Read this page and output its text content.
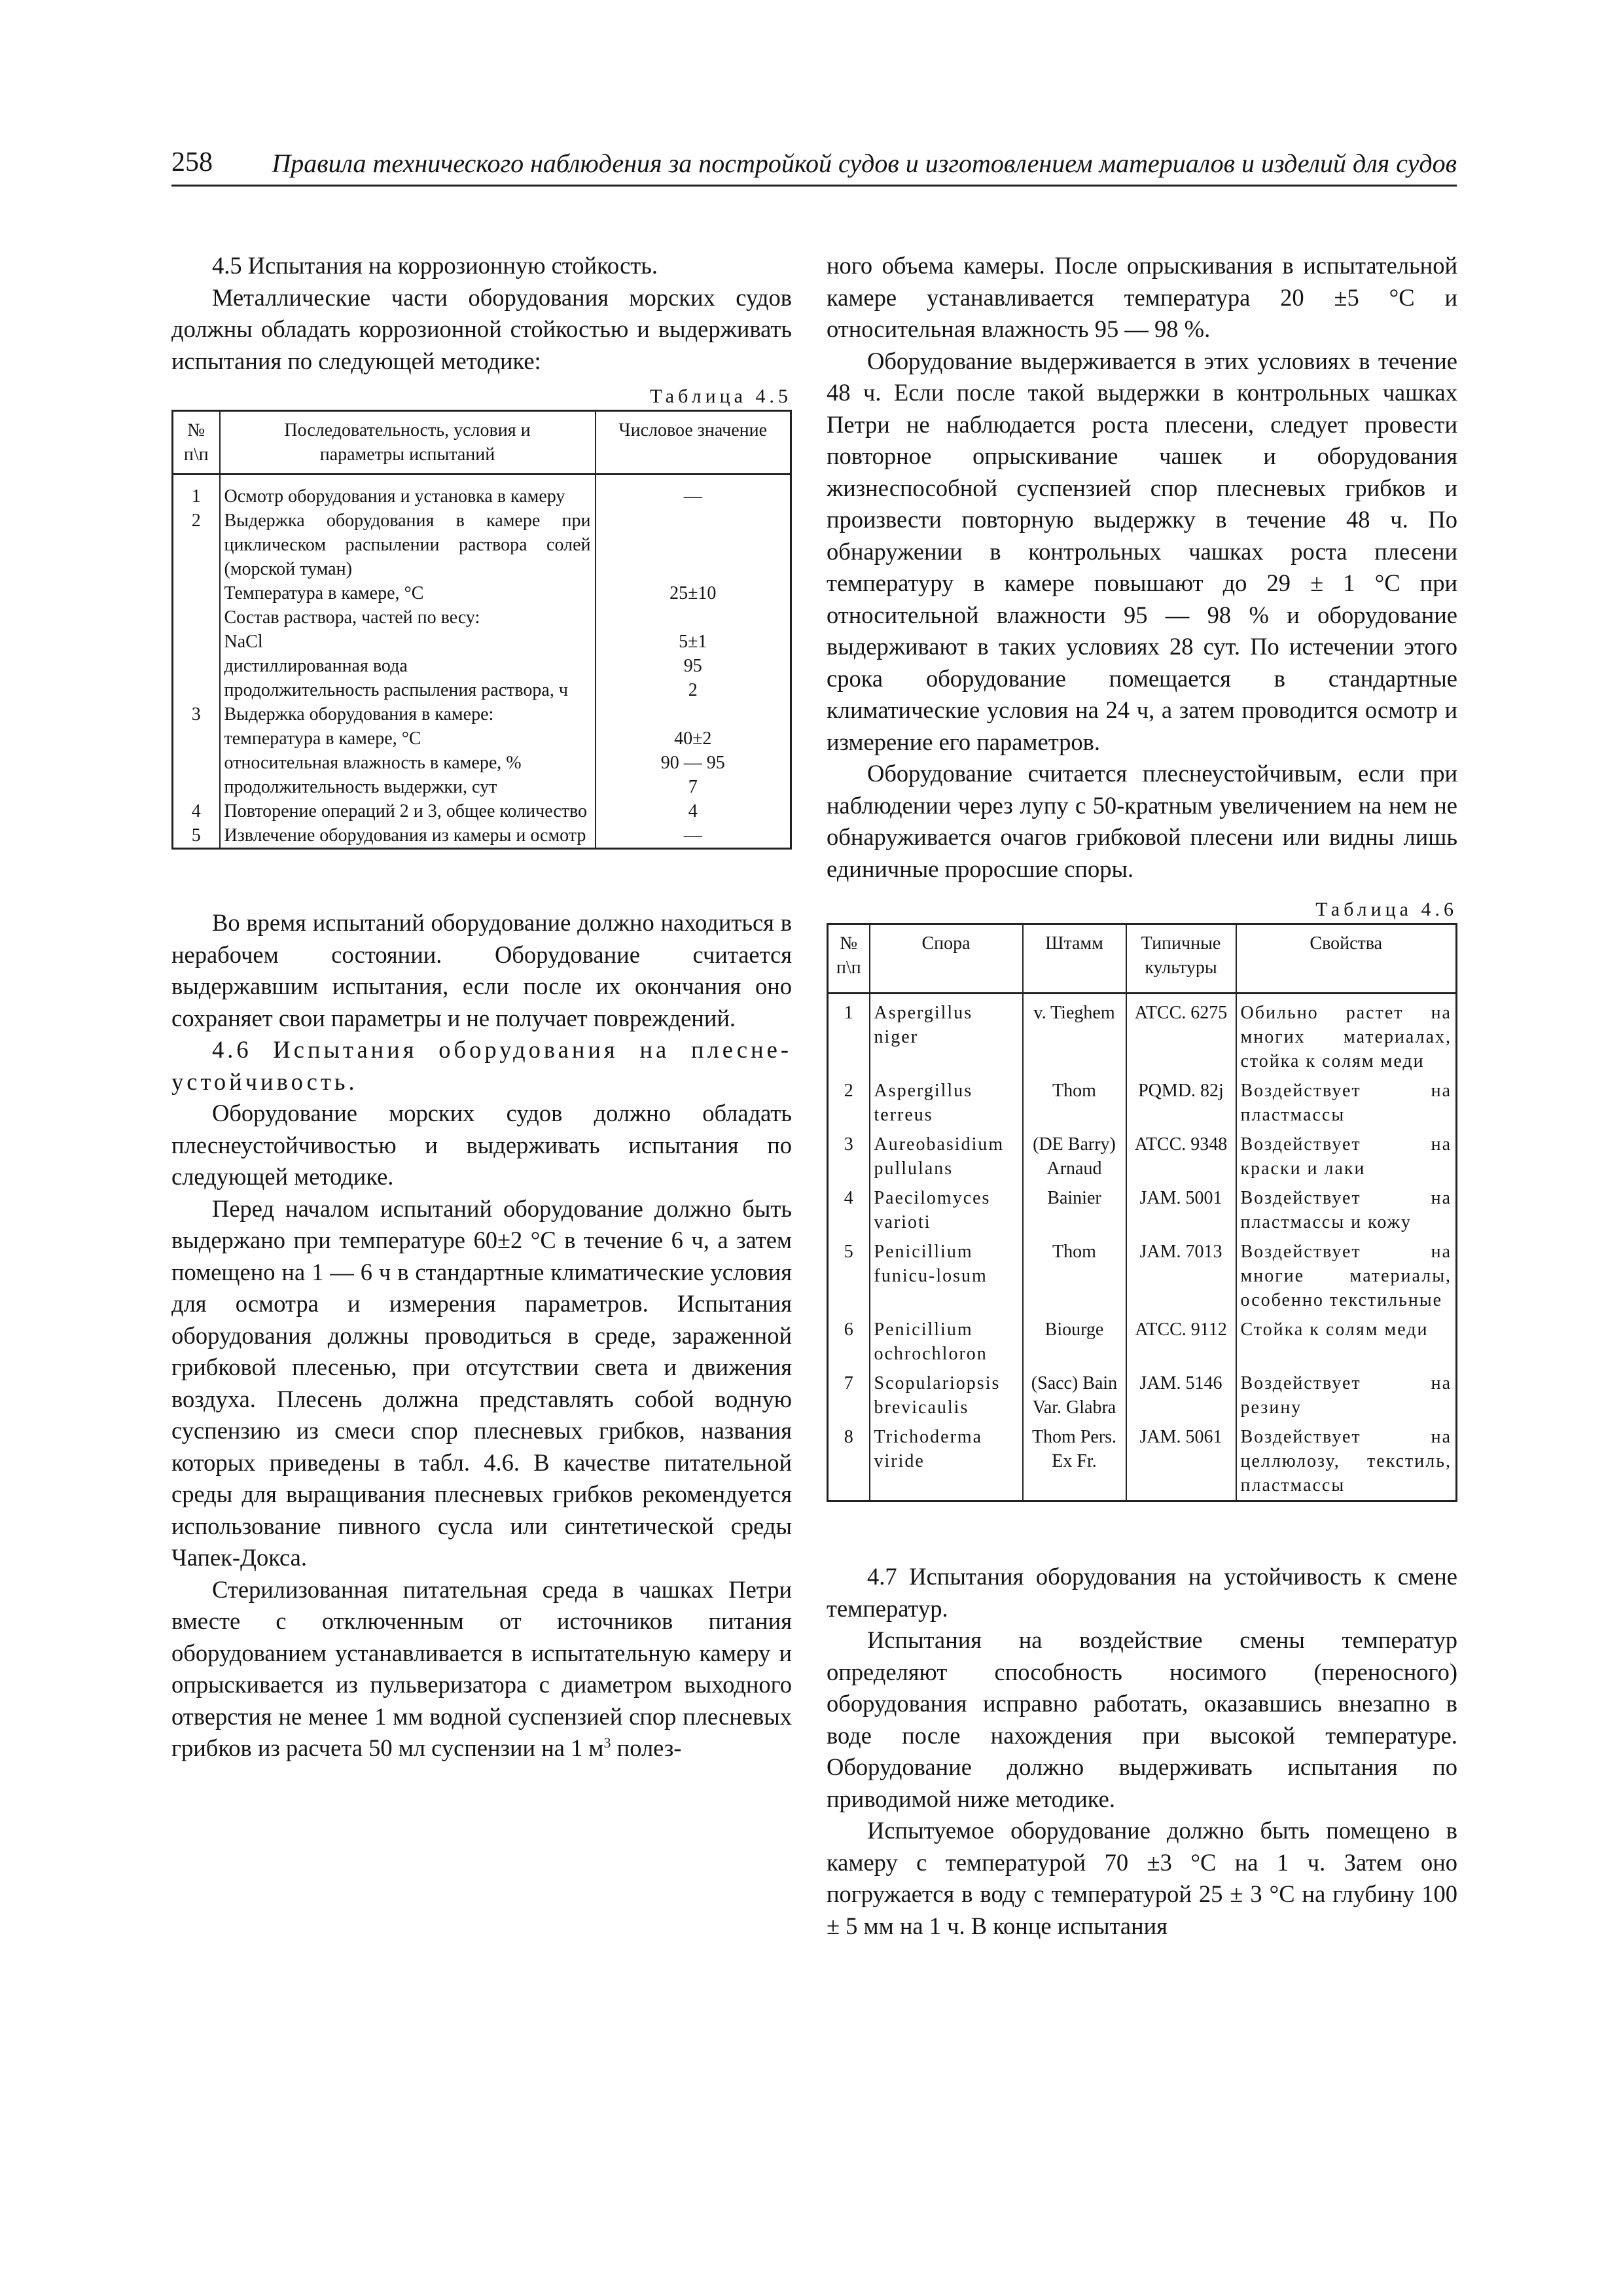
258	Правила технического наблюдения за постройкой судов и изготовлением материалов и изделий для судов

4.5 Испытания на коррозионную стойкость.

Металлические части оборудования морских судов должны обладать коррозионной стойкостью и выдерживать испытания по следующей методике:

Таблица 4.5
№ п\п	Последовательность, условия и параметры испытаний	Числовое значение
1	Осмотр оборудования и установка в камеру	—
2	Выдержка оборудования в камере при циклическом распылении раствора солей (морской туман)	
	Температура в камере, °С	25±10
	Состав раствора, частей по весу:	
	NaCl	5±1
	дистиллированная вода	95
	продолжительность распыления раствора, ч	2
3	Выдержка оборудования в камере:	
	температура в камере, °С	40±2
	относительная влажность в камере, %	90 — 95
	продолжительность выдержки, сут	7
4	Повторение операций 2 и 3, общее количество	4
5	Извлечение оборудования из камеры и осмотр	—

Во время испытаний оборудование должно находиться в нерабочем состоянии. Оборудование считается выдержавшим испытания, если после их окончания оно сохраняет свои параметры и не получает повреждений.

4.6 Испытания оборудования на плесне-устойчивость.

Оборудование морских судов должно обладать плеснеустойчивостью и выдерживать испытания по следующей методике.

Перед началом испытаний оборудование должно быть выдержано при температуре 60±2 °С в течение 6 ч, а затем помещено на 1 — 6 ч в стандартные климатические условия для осмотра и измерения параметров. Испытания оборудования должны проводиться в среде, зараженной грибковой плесенью, при отсутствии света и движения воздуха. Плесень должна представлять собой водную суспензию из смеси спор плесневых грибков, названия которых приведены в табл. 4.6. В качестве питательной среды для выращивания плесневых грибков рекомендуется использование пивного сусла или синтетической среды Чапек-Докса.

Стерилизованная питательная среда в чашках Петри вместе с отключенным от источников питания оборудованием устанавливается в испытательную камеру и опрыскивается из пульверизатора с диаметром выходного отверстия не менее 1 мм водной суспензией спор плесневых грибков из расчета 50 мл суспензии на 1 $м^3$ полез-

ного объема камеры. После опрыскивания в испытательной камере устанавливается температура 20 ±5 °С и относительная влажность 95 — 98 %.

Оборудование выдерживается в этих условиях в течение 48 ч. Если после такой выдержки в контрольных чашках Петри не наблюдается роста плесени, следует провести повторное опрыскивание чашек и оборудования жизнеспособной суспензией спор плесневых грибков и произвести повторную выдержку в течение 48 ч. По обнаружении в контрольных чашках роста плесени температуру в камере повышают до 29 ± 1 °С при относительной влажности 95 — 98 % и оборудование выдерживают в таких условиях 28 сут. По истечении этого срока оборудование помещается в стандартные климатические условия на 24 ч, а затем проводится осмотр и измерение его параметров.

Оборудование считается плеснеустойчивым, если при наблюдении через лупу с 50-кратным увеличением на нем не обнаруживается очагов грибковой плесени или видны лишь единичные проросшие споры.

Таблица 4.6
№ п\п	Спора	Штамм	Типичные культуры	Свойства
1	Aspergillus niger	v. Tieghem	ATCC. 6275	Обильно растет на многих материалах, стойка к солям меди
2	Aspergillus terreus	Thom	PQMD. 82j	Воздействует на пластмассы
3	Aureobasidium pullulans	(DE Barry) Arnaud	ATCC. 9348	Воздействует на краски и лаки
4	Paecilomyces varioti	Bainier	JAM. 5001	Воздействует на пластмассы и кожу
5	Penicillium funicu-losum	Thom	JAM. 7013	Воздействует на многие материалы, особенно текстильные
6	Penicillium ochrochloron	Biourge	ATCC. 9112	Стойка к солям меди
7	Scopulariopsis brevicaulis	(Sacc) Bain Var. Glabra	JAM. 5146	Воздействует на резину
8	Trichoderma viride	Thom Pers. Ex Fr.	JAM. 5061	Воздействует на целлюлозу, текстиль, пластмассы

4.7 Испытания оборудования на устойчивость к смене температур.

Испытания на воздействие смены температур определяют способность носимого (переносного) оборудования исправно работать, оказавшись внезапно в воде после нахождения при высокой температуре. Оборудование должно выдерживать испытания по приводимой ниже методике.

Испытуемое оборудование должно быть помещено в камеру с температурой 70 ±3 °С на 1 ч. Затем оно погружается в воду с температурой 25 ± 3 °С на глубину 100 ± 5 мм на 1 ч. В конце испытания
